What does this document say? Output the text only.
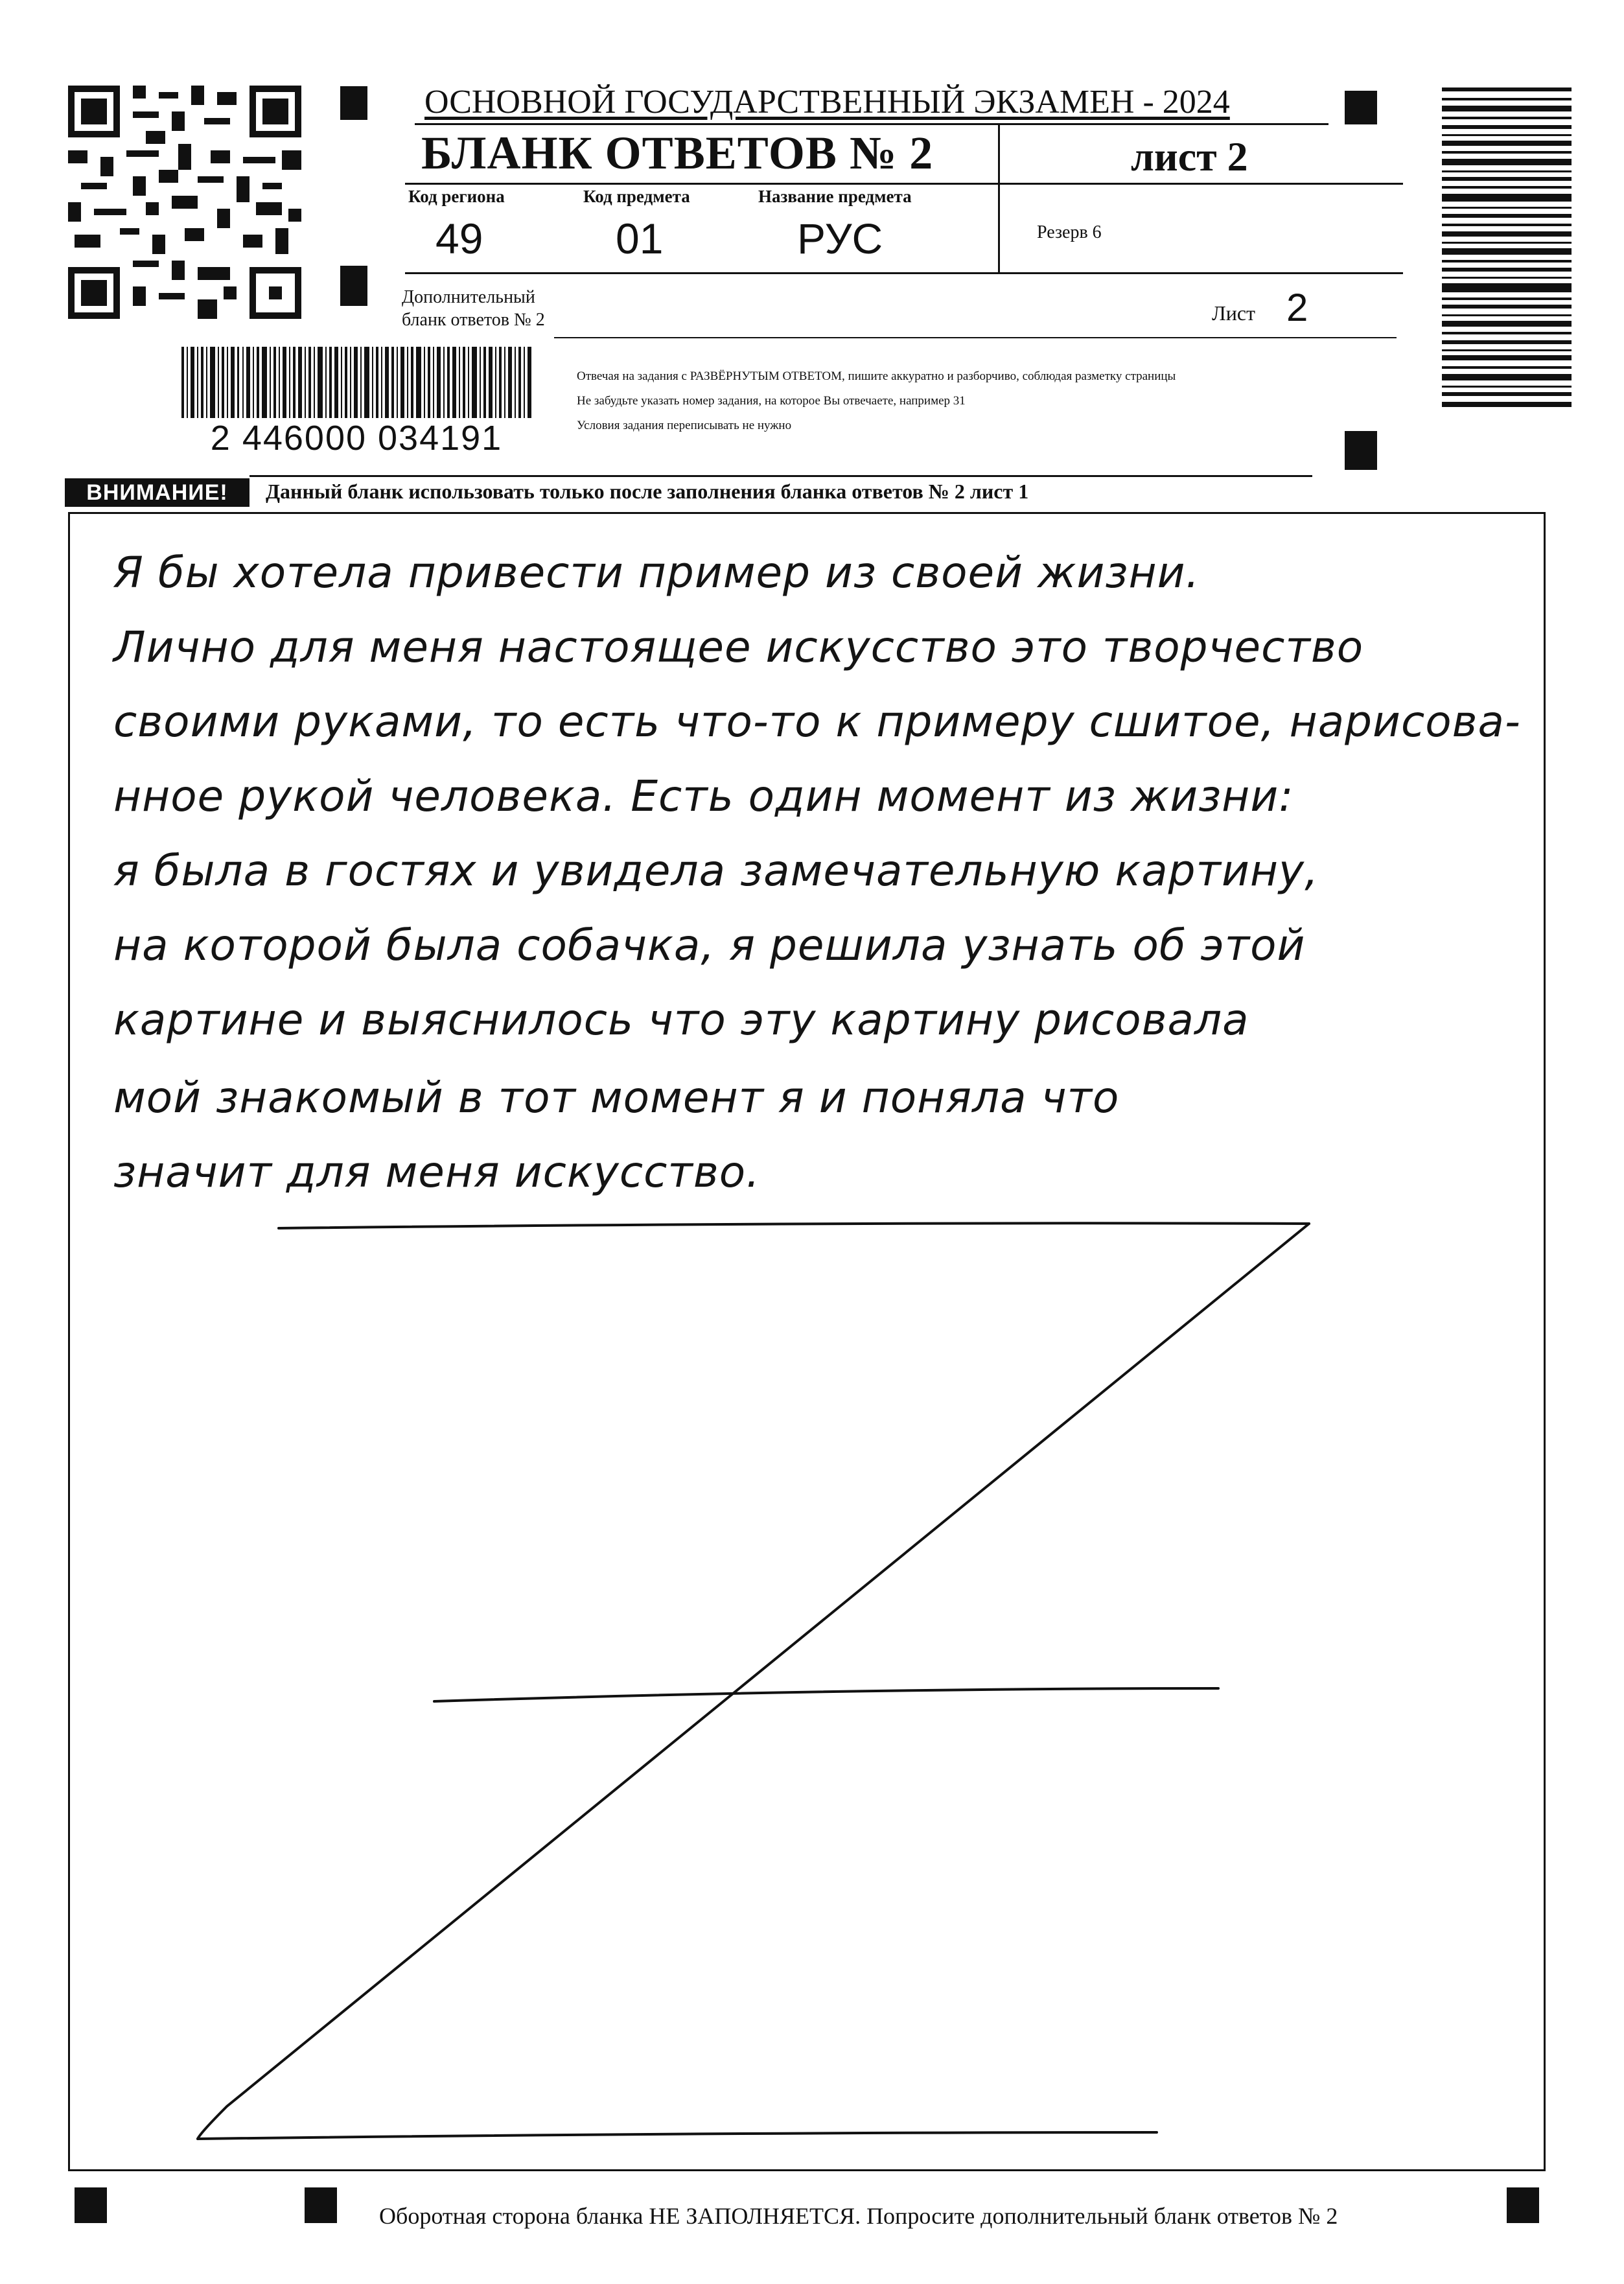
2 446000 034191
ОСНОВНОЙ ГОСУДАРСТВЕННЫЙ ЭКЗАМЕН - 2024
БЛАНК ОТВЕТОВ № 2	лист 2
Код региона
49
Код предмета
01
Название предмета
РУС	Резерв 6
Дополнительный
бланк ответов № 2	Лист 2
Отвечая на задания с РАЗВЁРНУТЫМ ОТВЕТОМ, пишите аккуратно и разборчиво, соблюдая разметку страницы
Не забудьте указать номер задания, на которое Вы отвечаете, например 31
Условия задания переписывать не нужно
ВНИМАНИЕ!	Данный бланк использовать только после заполнения бланка ответов № 2 лист 1
Я бы хотела привести пример из своей жизни.
Лично для меня настоящее искусство это творчество
своими руками, то есть что-то к примеру сшитое, нарисова-
нное рукой человека. Есть один момент из жизни:
я была в гостях и увидела замечательную картину,
на которой была собачка, я решила узнать об этой
картине и выяснилось что эту картину рисовала
мой знакомый в тот момент я и поняла что
значит для меня искусство.
Оборотная сторона бланка НЕ ЗАПОЛНЯЕТСЯ. Попросите дополнительный бланк ответов № 2
